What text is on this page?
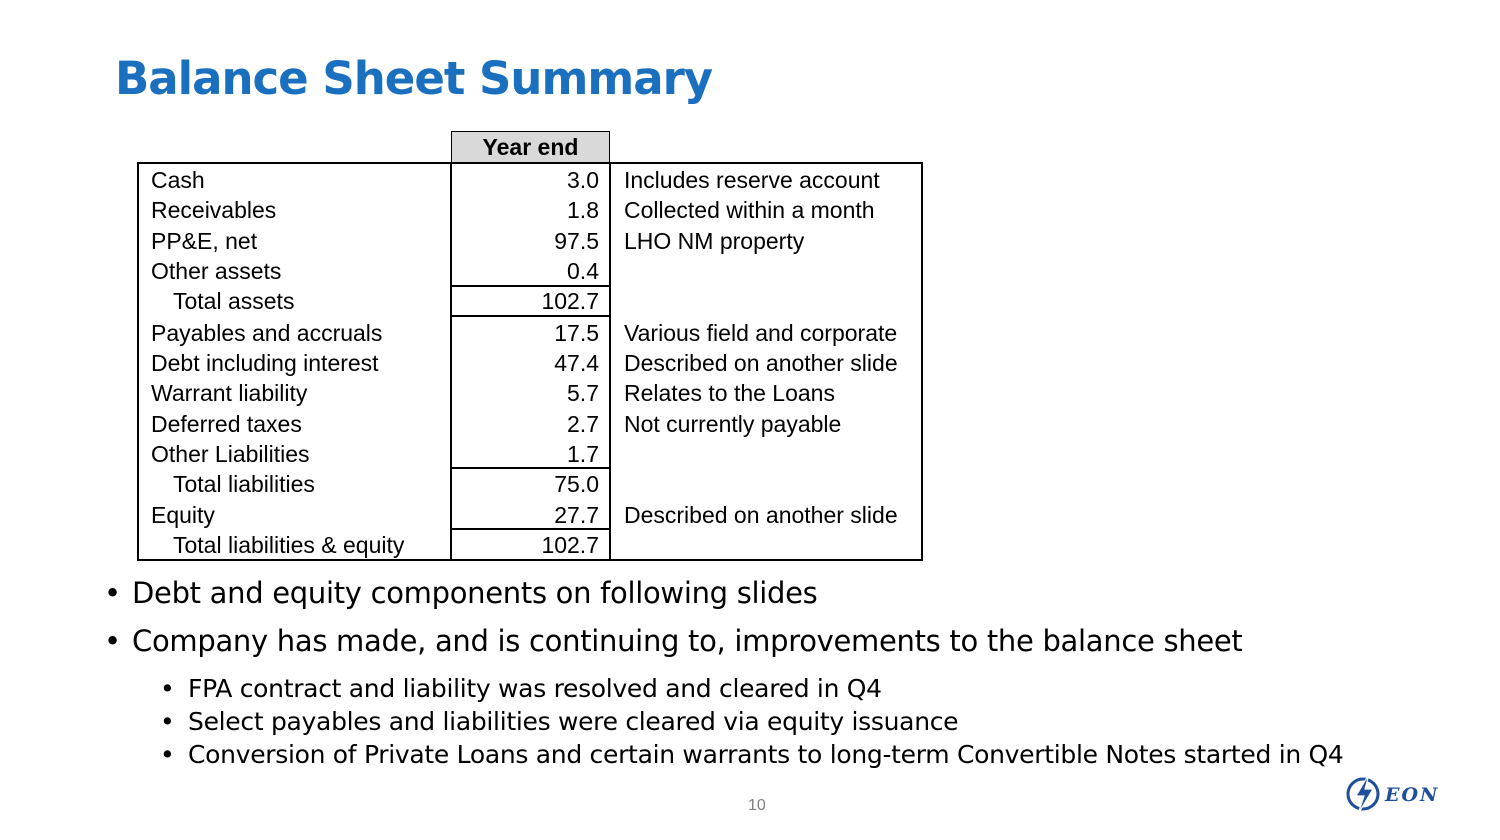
Balance Sheet Summary
Year end
Cash	3.0 Includes reserve account
Receivables	1.8 Collected within a month
PP&E, net	97.5 LHO NM property
Other assets	0.4
Total assets	102.7
Payables and accruals	17.5 Various field and corporate
Debt including interest	47.4 Described on another slide
Warrant liability	5.7 Relates to the Loans
Deferred taxes	2.7 Not currently payable
Other Liabilities	1.7
Total liabilities	75.0
Equity	27.7 Described on another slide
Total liabilities & equity	102.7
• Debt and equity components on following slides
• Company has made, and is continuing to, improvements to the balance sheet
• FPA contract and liability was resolved and cleared in Q4
• Select payables and liabilities were cleared via equity issuance
• Conversion of Private Loans and certain warrants to long-term Convertible Notes started in Q4
10	EON
